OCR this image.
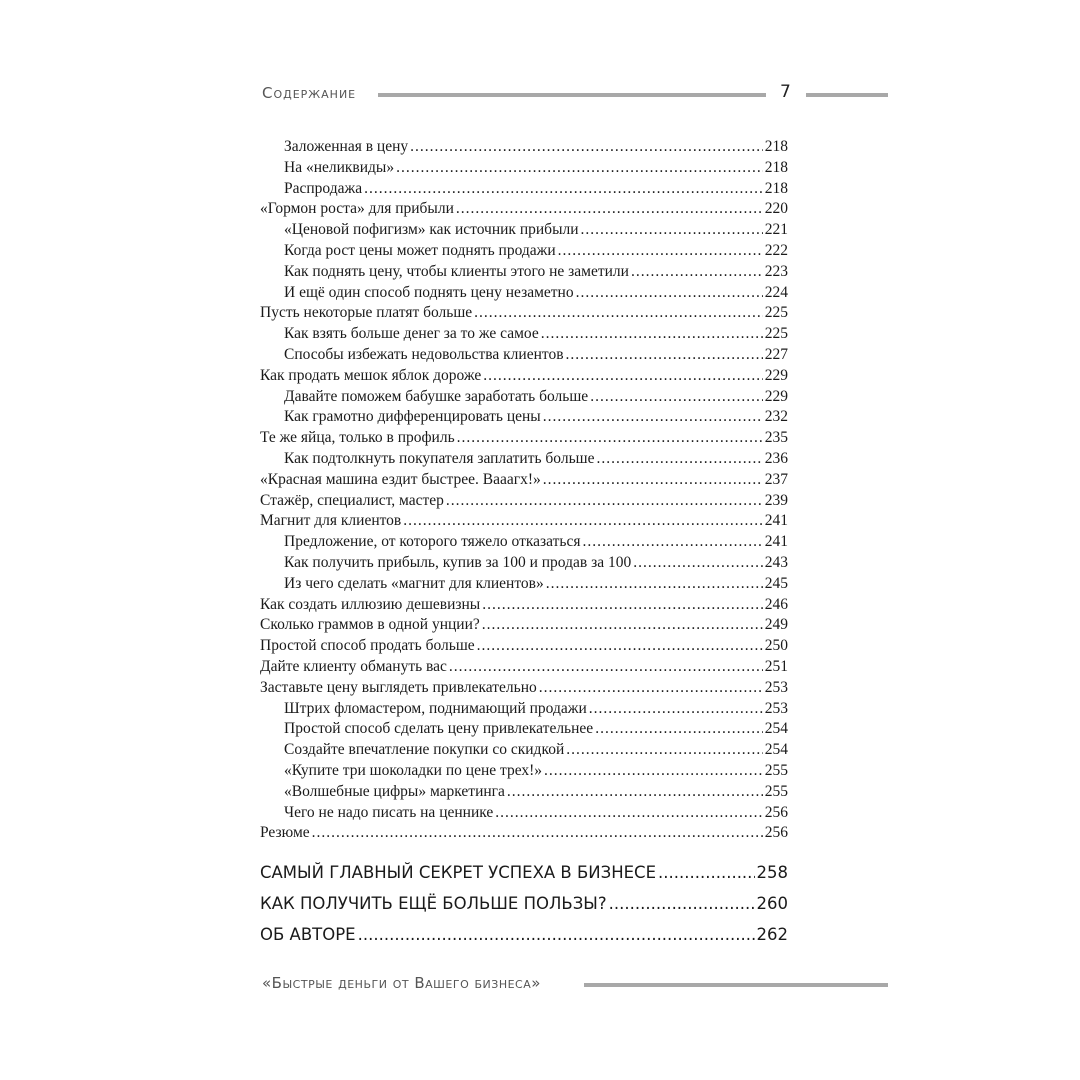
Содержание	7
Заложенная в цену .....	218
На «неликвиды» .....	218
Распродажа .....	218
«Гормон роста» для прибыли .....	220
«Ценовой пофигизм» как источник прибыли .....	221
Когда рост цены может поднять продажи .....	222
Как поднять цену, чтобы клиенты этого не заметили .....	223
И ещё один способ поднять цену незаметно .....	224
Пусть некоторые платят больше .....	225
Как взять больше денег за то же самое .....	225
Способы избежать недовольства клиентов .....	227
Как продать мешок яблок дороже .....	229
Давайте поможем бабушке заработать больше .....	229
Как грамотно дифференцировать цены .....	232
Те же яйца, только в профиль .....	235
Как подтолкнуть покупателя заплатить больше .....	236
«Красная машина ездит быстрее. Вааагх!» .....	237
Стажёр, специалист, мастер .....	239
Магнит для клиентов .....	241
Предложение, от которого тяжело отказаться .....	241
Как получить прибыль, купив за 100 и продав за 100 .....	243
Из чего сделать «магнит для клиентов» .....	245
Как создать иллюзию дешевизны .....	246
Сколько граммов в одной унции? .....	249
Простой способ продать больше .....	250
Дайте клиенту обмануть вас .....	251
Заставьте цену выглядеть привлекательно .....	253
Штрих фломастером, поднимающий продажи .....	253
Простой способ сделать цену привлекательнее .....	254
Создайте впечатление покупки со скидкой .....	254
«Купите три шоколадки по цене трех!» .....	255
«Волшебные цифры» маркетинга .....	255
Чего не надо писать на ценнике .....	256
Резюме .....	256
САМЫЙ ГЛАВНЫЙ СЕКРЕТ УСПЕХА В БИЗНЕСЕ .....	258
КАК ПОЛУЧИТЬ ЕЩЁ БОЛЬШЕ ПОЛЬЗЫ? .....	260
ОБ АВТОРЕ .....	262
«Быстрые деньги от Вашего бизнеса»
